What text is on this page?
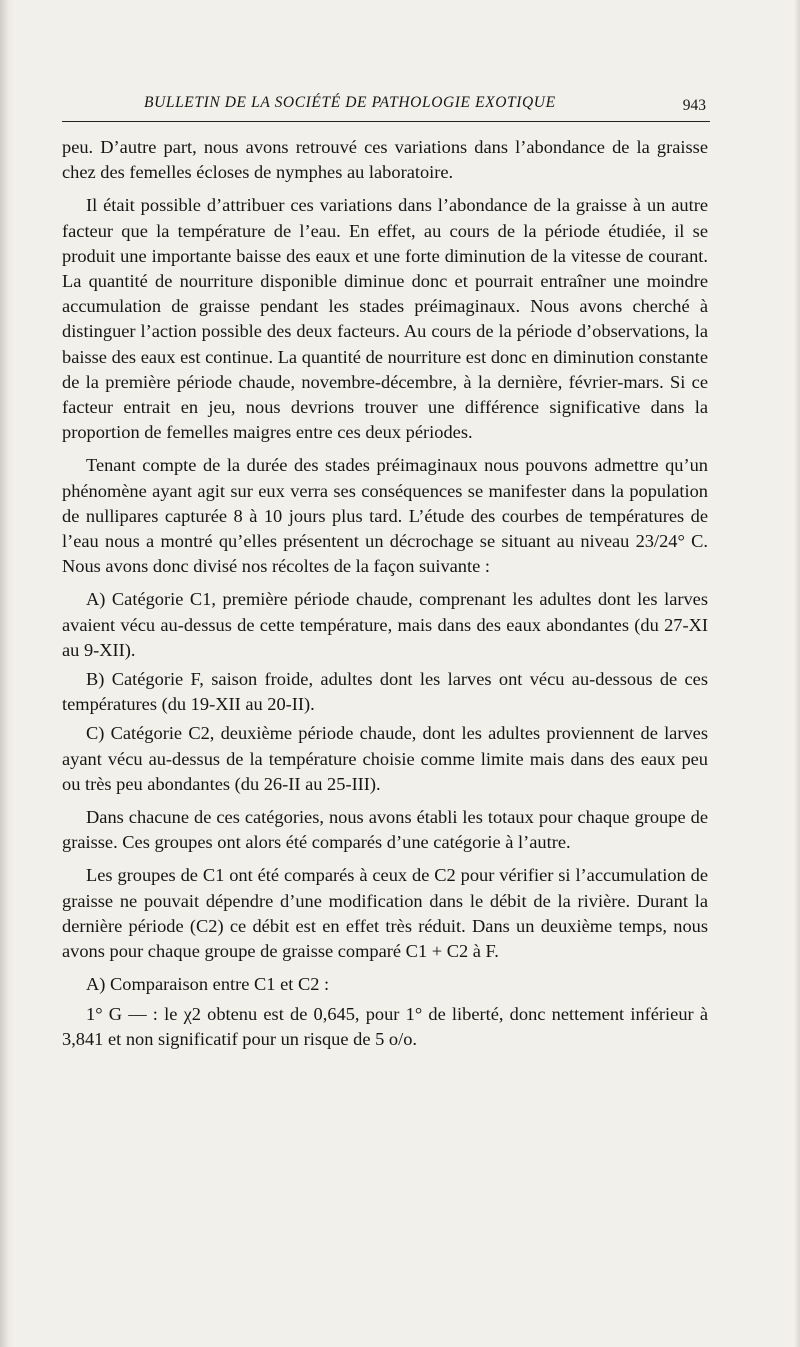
BULLETIN DE LA SOCIÉTÉ DE PATHOLOGIE EXOTIQUE	943

peu. D’autre part, nous avons retrouvé ces variations dans l’abondance de la graisse chez des femelles écloses de nymphes au laboratoire.

Il était possible d’attribuer ces variations dans l’abondance de la graisse à un autre facteur que la température de l’eau. En effet, au cours de la période étudiée, il se produit une importante baisse des eaux et une forte diminution de la vitesse de courant. La quantité de nourriture disponible diminue donc et pourrait entraîner une moindre accumulation de graisse pendant les stades préimaginaux. Nous avons cherché à distinguer l’action possible des deux facteurs. Au cours de la période d’observations, la baisse des eaux est continue. La quantité de nourriture est donc en diminution constante de la première période chaude, novembre-décembre, à la dernière, février-mars. Si ce facteur entrait en jeu, nous devrions trouver une différence significative dans la proportion de femelles maigres entre ces deux périodes.

Tenant compte de la durée des stades préimaginaux nous pouvons admettre qu’un phénomène ayant agit sur eux verra ses conséquences se manifester dans la population de nullipares capturée 8 à 10 jours plus tard. L’étude des courbes de températures de l’eau nous a montré qu’elles présentent un décrochage se situant au niveau 23/24° C. Nous avons donc divisé nos récoltes de la façon suivante :

A) Catégorie C1, première période chaude, comprenant les adultes dont les larves avaient vécu au-dessus de cette température, mais dans des eaux abondantes (du 27-XI au 9-XII).

B) Catégorie F, saison froide, adultes dont les larves ont vécu au-dessous de ces températures (du 19-XII au 20-II).

C) Catégorie C2, deuxième période chaude, dont les adultes proviennent de larves ayant vécu au-dessus de la température choisie comme limite mais dans des eaux peu ou très peu abondantes (du 26-II au 25-III).

Dans chacune de ces catégories, nous avons établi les totaux pour chaque groupe de graisse. Ces groupes ont alors été comparés d’une catégorie à l’autre.

Les groupes de C1 ont été comparés à ceux de C2 pour vérifier si l’accumulation de graisse ne pouvait dépendre d’une modification dans le débit de la rivière. Durant la dernière période (C2) ce débit est en effet très réduit. Dans un deuxième temps, nous avons pour chaque groupe de graisse comparé C1 + C2 à F.

A) Comparaison entre C1 et C2 :

1° G — : le χ2 obtenu est de 0,645, pour 1° de liberté, donc nettement inférieur à 3,841 et non significatif pour un risque de 5 o/o.
